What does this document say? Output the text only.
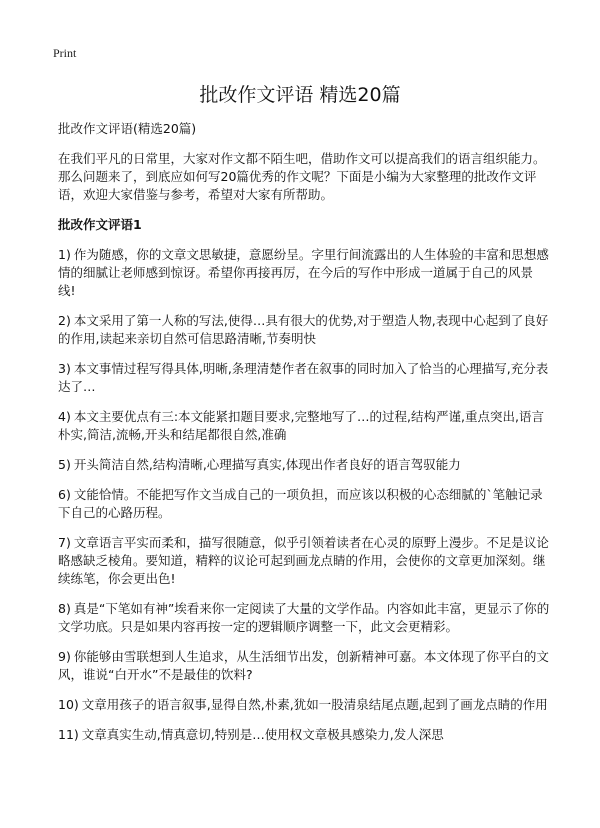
Print
批改作文评语 精选20篇

批改作文评语(精选20篇)

在我们平凡的日常里，大家对作文都不陌生吧，借助作文可以提高我们的语言组织能力。那么问题来了，到底应如何写20篇优秀的作文呢？下面是小编为大家整理的批改作文评语，欢迎大家借鉴与参考，希望对大家有所帮助。

批改作文评语1

1) 作为随感，你的文章文思敏捷，意愿纷呈。字里行间流露出的人生体验的丰富和思想感情的细腻让老师感到惊讶。希望你再接再厉，在今后的写作中形成一道属于自己的风景线!

2) 本文采用了第一人称的写法,使得…具有很大的优势,对于塑造人物,表现中心起到了良好的作用,读起来亲切自然可信思路清晰,节奏明快

3) 本文事情过程写得具体,明晰,条理清楚作者在叙事的同时加入了恰当的心理描写,充分表达了…

4) 本文主要优点有三:本文能紧扣题目要求,完整地写了…的过程,结构严谨,重点突出,语言朴实,简洁,流畅,开头和结尾都很自然,准确

5) 开头简洁自然,结构清晰,心理描写真实,体现出作者良好的语言驾驭能力

6) 文能恰情。不能把写作文当成自己的一项负担，而应该以积极的心态细腻的`笔触记录下自己的心路历程。

7) 文章语言平实而柔和，描写很随意，似乎引领着读者在心灵的原野上漫步。不足是议论略感缺乏棱角。要知道，精粹的议论可起到画龙点睛的作用，会使你的文章更加深刻。继续练笔，你会更出色!

8) 真是“下笔如有神”埃看来你一定阅读了大量的文学作品。内容如此丰富，更显示了你的文学功底。只是如果内容再按一定的逻辑顺序调整一下，此文会更精彩。

9) 你能够由雪联想到人生追求，从生活细节出发，创新精神可嘉。本文体现了你平白的文风，谁说“白开水”不是最佳的饮料?

10) 文章用孩子的语言叙事,显得自然,朴素,犹如一股清泉结尾点题,起到了画龙点睛的作用

11) 文章真实生动,情真意切,特别是…使用权文章极具感染力,发人深思
